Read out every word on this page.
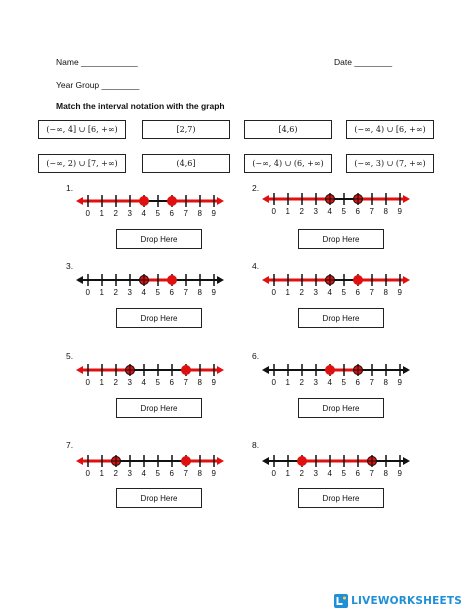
Name ____________	Date ________
Year Group ________
Match the interval notation with the graph
(−∞, 4] ∪ [6, +∞)	[2,7)	[4,6)	(−∞, 4) ∪ [6, +∞)
(−∞, 2) ∪ [7, +∞)	(4,6]	(−∞, 4) ∪ (6, +∞)	(−∞, 3) ∪ (7, +∞)
1.
0 1 2 3 4 5 6 7 8 9
Drop Here
2.
0 1 2 3 4 5 6 7 8 9
Drop Here
3.
0 1 2 3 4 5 6 7 8 9
Drop Here
4.
0 1 2 3 4 5 6 7 8 9
Drop Here
5.
0 1 2 3 4 5 6 7 8 9
Drop Here
6.
0 1 2 3 4 5 6 7 8 9
Drop Here
7.
0 1 2 3 4 5 6 7 8 9
Drop Here
8.
0 1 2 3 4 5 6 7 8 9
Drop Here
LIVEWORKSHEETS
